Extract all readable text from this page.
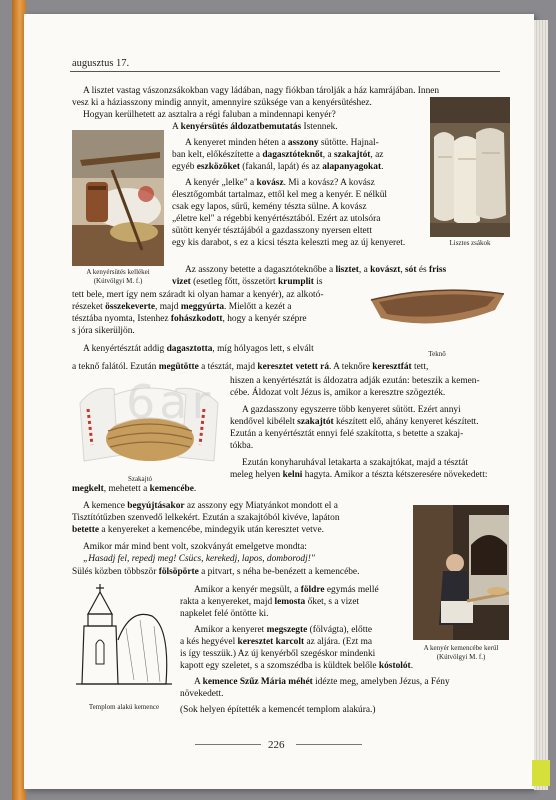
augusztus 17.
A lisztet vastag vászonzsákokban vagy ládában, nagy fiókban tárolják a ház kamrájában. Innen
vesz ki a háziasszony mindig annyit, amennyire szüksége van a kenyérsütéshez.
Hogyan kerülhetett az asztalra a régi faluban a mindennapi kenyér?
A kenyérsütés áldozatbemutatás Istennek.
A kenyeret minden héten a asszony sütötte. Hajnal-
ban kelt, előkészítette a dagasztóteknőt, a szakajtót, az
egyéb eszközöket (fakanál, lapát) és az alapanyagokat.
A kenyér „lelke" a kovász. Mi a kovász? A kovász
élesztőgombát tartalmaz, ettől kel meg a kenyér. E nélkül
csak egy lapos, sűrű, kemény tészta sülne. A kovász
„életre kel" a régebbi kenyértésztából. Ezért az utolsóra
sütött kenyér tésztájából a gazdasszony nyersen eltett
egy kis darabot, s ez a kicsi tészta keleszti meg az új kenyeret.
Az asszony betette a dagasztóteknőbe a lisztet, a kovászt, sót és friss
vizet (esetleg főtt, összetört krumplit is
tett bele, mert így nem száradt ki olyan hamar a kenyér), az alkotó-
részeket összekeverte, majd meggyúrta. Mielőtt a kezét a
tésztába nyomta, Istenhez fohászkodott, hogy a kenyér szépre
s jóra sikerüljön.
A kenyértésztát addig dagasztotta, míg hólyagos lett, s elvált
a teknő falától. Ezután megütötte a tésztát, majd keresztet vetett rá. A teknőre keresztfát tett,
hiszen a kenyértésztát is áldozatra adják ezután: beteszik a kemen-
cébe. Áldozat volt Jézus is, amikor a keresztre szögezték.
A gazdasszony egyszerre több kenyeret sütött. Ezért annyi
kendővel kibélelt szakajtót készített elő, ahány kenyeret készített.
Ezután a kenyértésztát ennyi felé szakította, s betette a szakaj-
tókba.
Ezután konyharuhával letakarta a szakajtókat, majd a tésztát
meleg helyen kelni hagyta. Amikor a tészta kétszeresére növekedett:
megkelt, mehetett a kemencébe.
A kemence begyújtásakor az asszony egy Miatyánkot mondott el a
Tisztítótűzben szenvedő lelkekért. Ezután a szakajtóból kivéve, lapáton
betette a kenyereket a kemencébe, mindegyik után keresztet vetve.
Amikor már mind bent volt, szokványát emelgetve mondta:
„Hasadj fel, repedj meg! Csücs, kerekedj, lapos, domborodj!"
Sülés közben többször fölsöpörte a pitvart, s néha be-benézett a kemencébe.
Amikor a kenyér megsült, a földre egymás mellé
rakta a kenyereket, majd lemosta őket, s a vizet
napkelet felé öntötte ki.
Amikor a kenyeret megszegte (fölvágta), előtte
a kés hegyével keresztet karcolt az aljára. (Ezt ma
is így tesszük.) Az új kenyérből szegéskor mindenki
kapott egy szeletet, s a szomszédba is küldtek belőle kóstolót.
A kemence Szűz Mária méhét idézte meg, amelyben Jézus, a Fény
növekedett.
(Sok helyen építették a kemencét templom alakúra.)
A kenyérsütés kellékei
(Kútvölgyi M. f.)
Lisztes zsákok
Teknő
Szakajtó
A kenyér kemencébe kerül
(Kútvölgyi M. f.)
Templom alakú kemence
6ar
226
